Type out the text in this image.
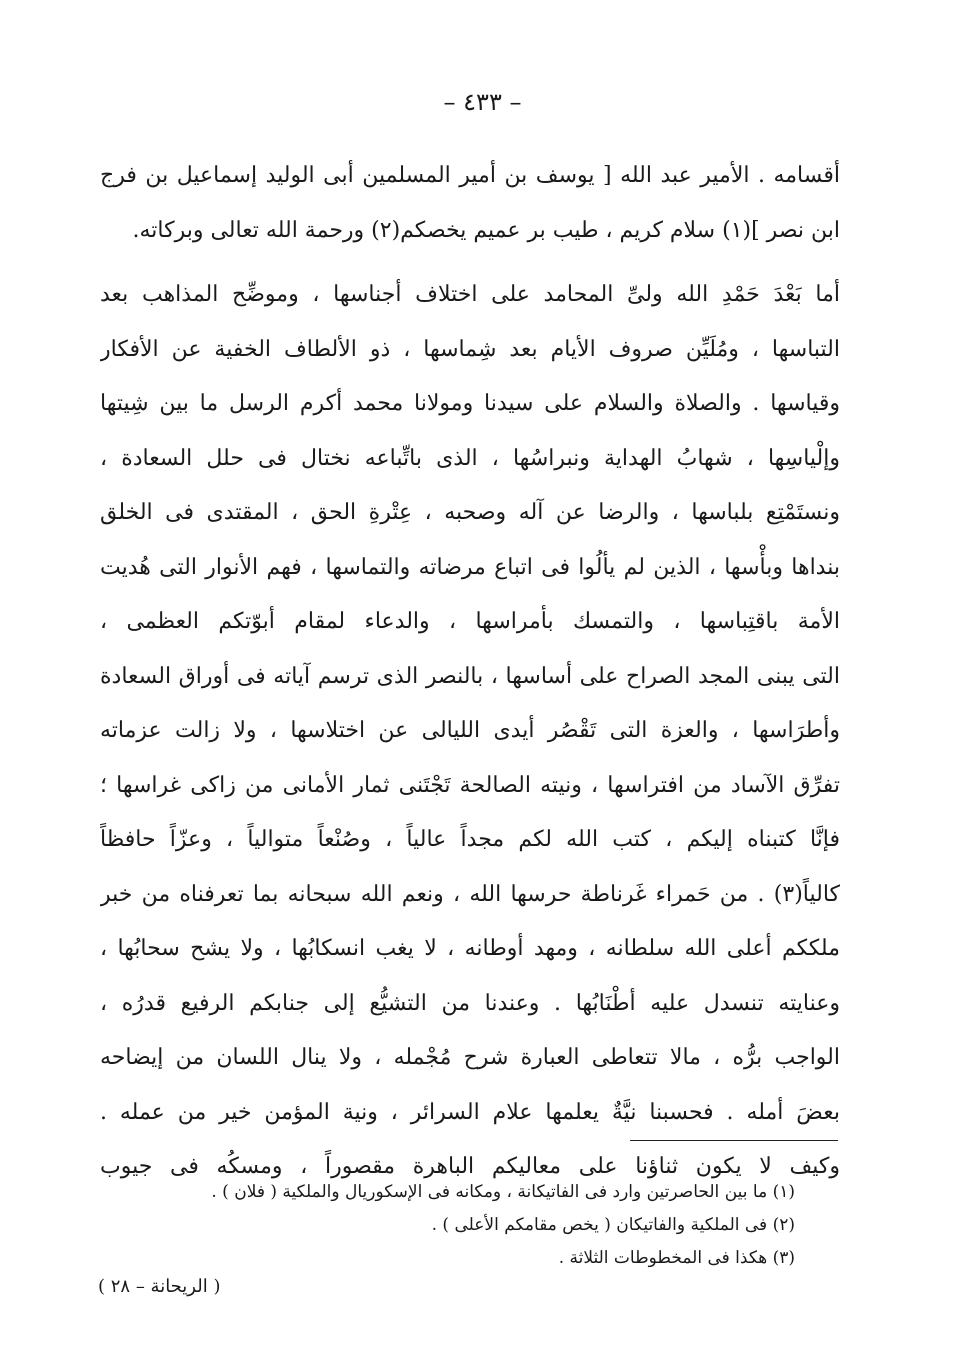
– ٤٣٣ –
أقسامه . الأمير عبد الله [ يوسف بن أمير المسلمين أبى الوليد إسماعيل بن فرج
ابن نصر ](١) سلام كريم ، طيب بر عميم يخصكم(٢) ورحمة الله تعالى وبركاته.
أما بَعْدَ حَمْدِ الله ولىِّ المحامد على اختلاف أجناسها ، وموضِّح المذاهب بعد
التباسها ، ومُلَيِّن صروف الأيام بعد شِماسها ، ذو الألطاف الخفية عن الأفكار
وقياسها . والصلاة والسلام على سيدنا ومولانا محمد أكرم الرسل ما بين شِيتها
وإلْياسِها ، شهابُ الهداية ونبراسُها ، الذى باتِّباعه نختال فى حلل السعادة ،
ونستَمْتِع بلباسها ، والرضا عن آله وصحبه ، عِتْرةِ الحق ، المقتدى فى الخلق
بنداها وبأْسها ، الذين لم يألُوا فى اتباع مرضاته والتماسها ، فهم الأنوار التى هُديت
الأمة باقتِباسها ، والتمسك بأمراسها ، والدعاء لمقام أبوّتكم العظمى ،
التى يبنى المجد الصراح على أساسها ، بالنصر الذى ترسم آياته فى أوراق السعادة
وأطرَاسها ، والعزة التى تَقْصُر أيدى الليالى عن اختلاسها ، ولا زالت عزماته
تفرِّق الآساد من افتراسها ، ونيته الصالحة تَجْتَنى ثمار الأمانى من زاكى غراسها ؛
فإنَّا كتبناه إليكم ، كتب الله لكم مجداً عالياً ، وصُنْعاً متوالياً ، وعزّاً حافظاً
كالياً(٣) . من حَمراء غَرناطة حرسها الله ، ونعم الله سبحانه بما تعرفناه من خبر
ملككم أعلى الله سلطانه ، ومهد أوطانه ، لا يغب انسكابُها ، ولا يشح سحابُها ،
وعنايته تنسدل عليه أطْنَابُها . وعندنا من التشيُّع إلى جنابكم الرفيع قدرُه ،
الواجب برُّه ، مالا تتعاطى العبارة شرح مُجْمله ، ولا ينال اللسان من إيضاحه
بعضَ أمله . فحسبنا نيَّةٌ يعلمها علام السرائر ، ونية المؤمن خير من عمله .
وكيف لا يكون ثناؤنا على معاليكم الباهرة مقصوراً ، ومسكُه فى جيوب
(١) ما بين الحاصرتين وارد فى الفاتيكانة ، ومكانه فى الإسكوريال والملكية ( فلان ) .
(٢) فى الملكية والفاتيكان ( يخص مقامكم الأعلى ) .
(٣) هكذا فى المخطوطات الثلاثة .
( الريحانة – ٢٨ )
